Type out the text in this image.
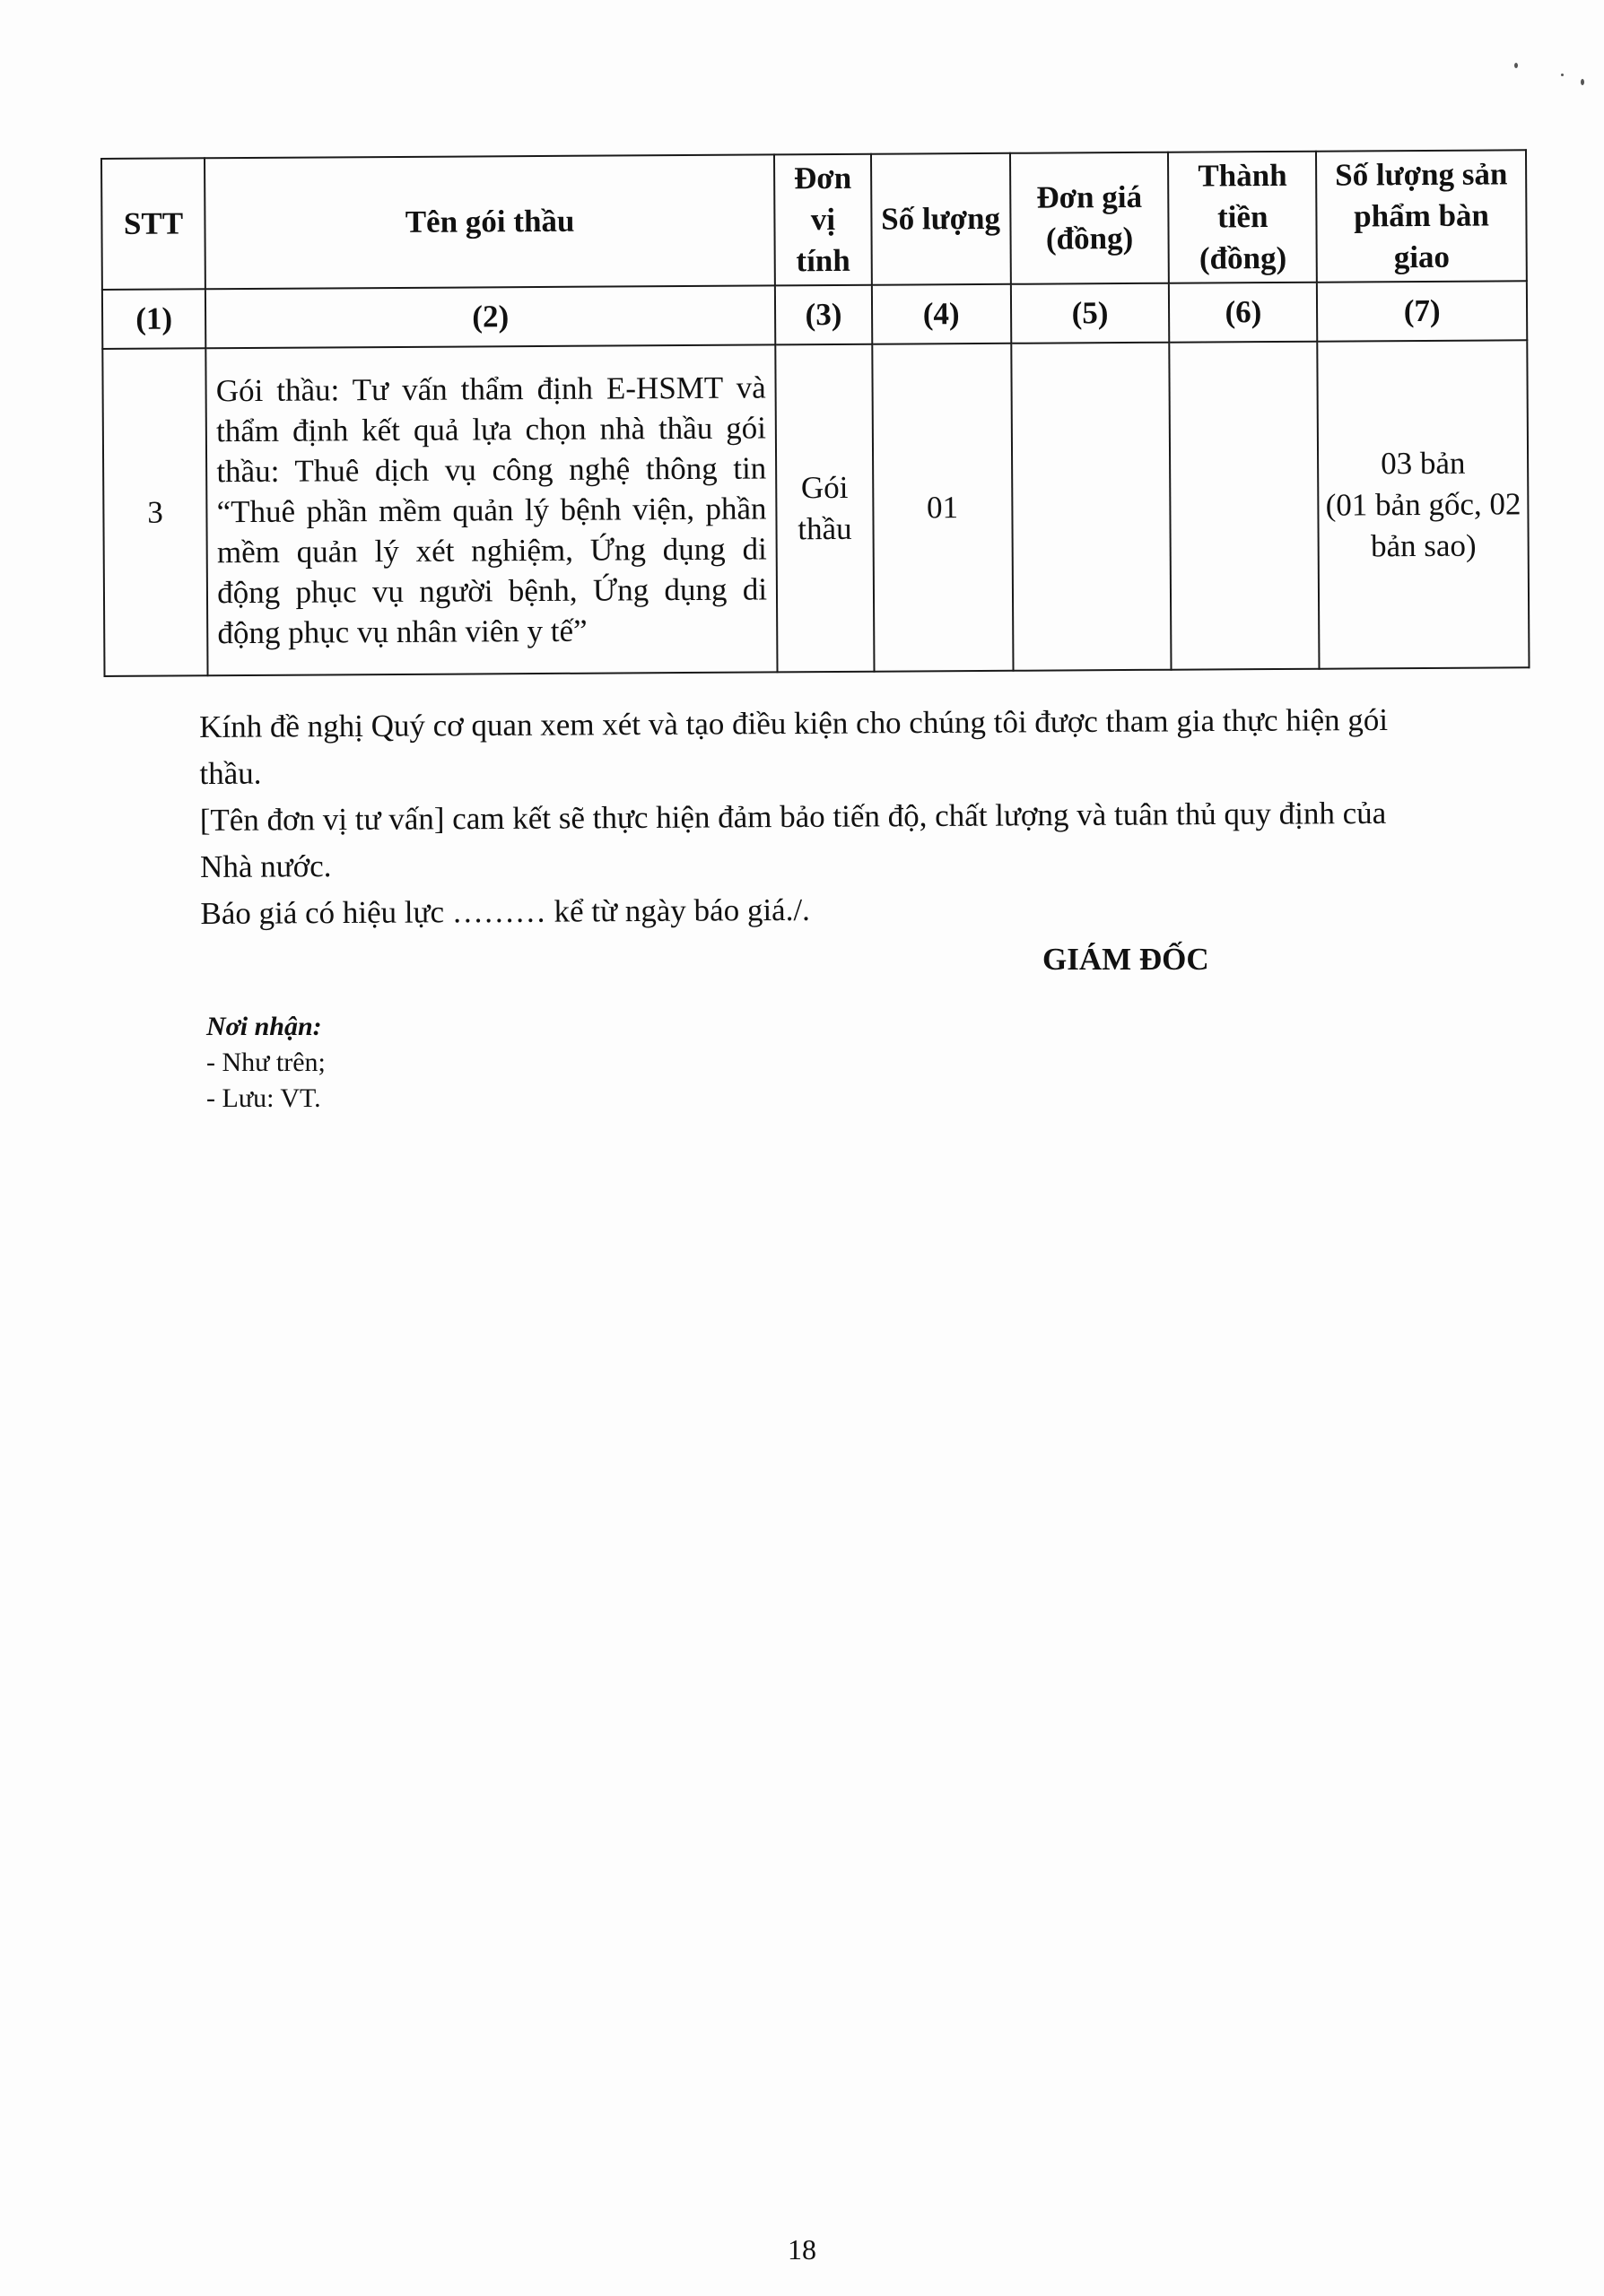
STT	Tên gói thầu	Đơn vị tính	Số lượng	Đơn giá (đồng)	Thành tiền (đồng)	Số lượng sản phẩm bàn giao
(1)	(2)	(3)	(4)	(5)	(6)	(7)
3	Gói thầu: Tư vấn thẩm định E-HSMT và thẩm định kết quả lựa chọn nhà thầu gói thầu: Thuê dịch vụ công nghệ thông tin “Thuê phần mềm quản lý bệnh viện, phần mềm quản lý xét nghiệm, Ứng dụng di động phục vụ người bệnh, Ứng dụng di động phục vụ nhân viên y tế”	Gói thầu	01			03 bản
(01 bản gốc, 02 bản sao)

Kính đề nghị Quý cơ quan xem xét và tạo điều kiện cho chúng tôi được tham gia thực hiện gói thầu.

[Tên đơn vị tư vấn] cam kết sẽ thực hiện đảm bảo tiến độ, chất lượng và tuân thủ quy định của Nhà nước.

Báo giá có hiệu lực ……… kể từ ngày báo giá./.

GIÁM ĐỐC
Nơi nhận:
- Như trên;
- Lưu: VT.
18
